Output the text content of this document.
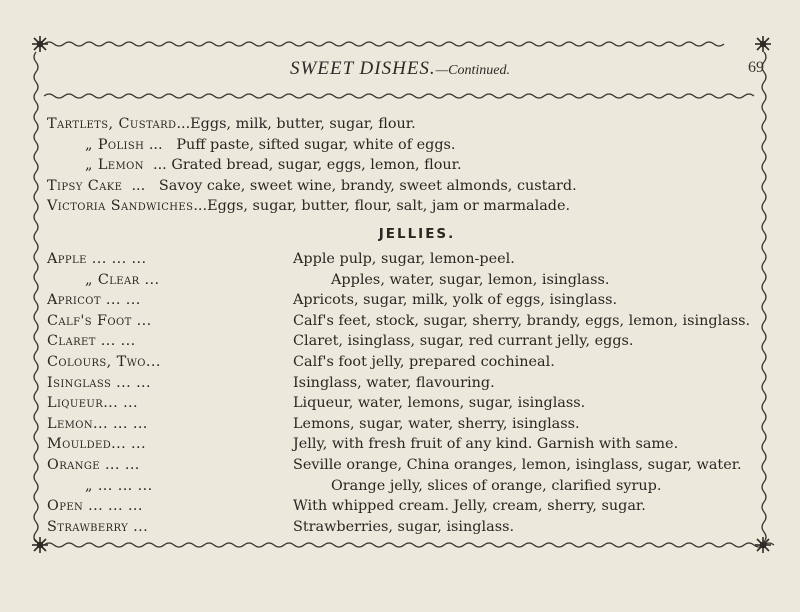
SWEET DISHES.—Continued.	69
Tartlets, Custard ... Eggs, milk, butter, sugar, flour.
„ Polish ... Puff paste, sifted sugar, white of eggs.
„ Lemon ... Grated bread, sugar, eggs, lemon, flour.
Tipsy Cake ... Savoy cake, sweet wine, brandy, sweet almonds, custard.
Victoria Sandwiches ... Eggs, sugar, butter, flour, salt, jam or marmalade.
JELLIES.
Apple ... ... ...	Apple pulp, sugar, lemon-peel.
„ Clear ...	Apples, water, sugar, lemon, isinglass.
Apricot ... ...	Apricots, sugar, milk, yolk of eggs, isinglass.
Calf's Foot ...	Calf's feet, stock, sugar, sherry, brandy, eggs, lemon, isinglass.
Claret ... ...	Claret, isinglass, sugar, red currant jelly, eggs.
Colours, Two...	Calf's foot jelly, prepared cochineal.
Isinglass ... ...	Isinglass, water, flavouring.
Liqueur... ...	Liqueur, water, lemons, sugar, isinglass.
Lemon... ... ...	Lemons, sugar, water, sherry, isinglass.
Moulded... ...	Jelly, with fresh fruit of any kind. Garnish with same.
Orange ... ...	Seville orange, China oranges, lemon, isinglass, sugar, water.
„ ... ... ...	Orange jelly, slices of orange, clarified syrup.
Open ... ... ...	With whipped cream. Jelly, cream, sherry, sugar.
Strawberry ...	Strawberries, sugar, isinglass.
